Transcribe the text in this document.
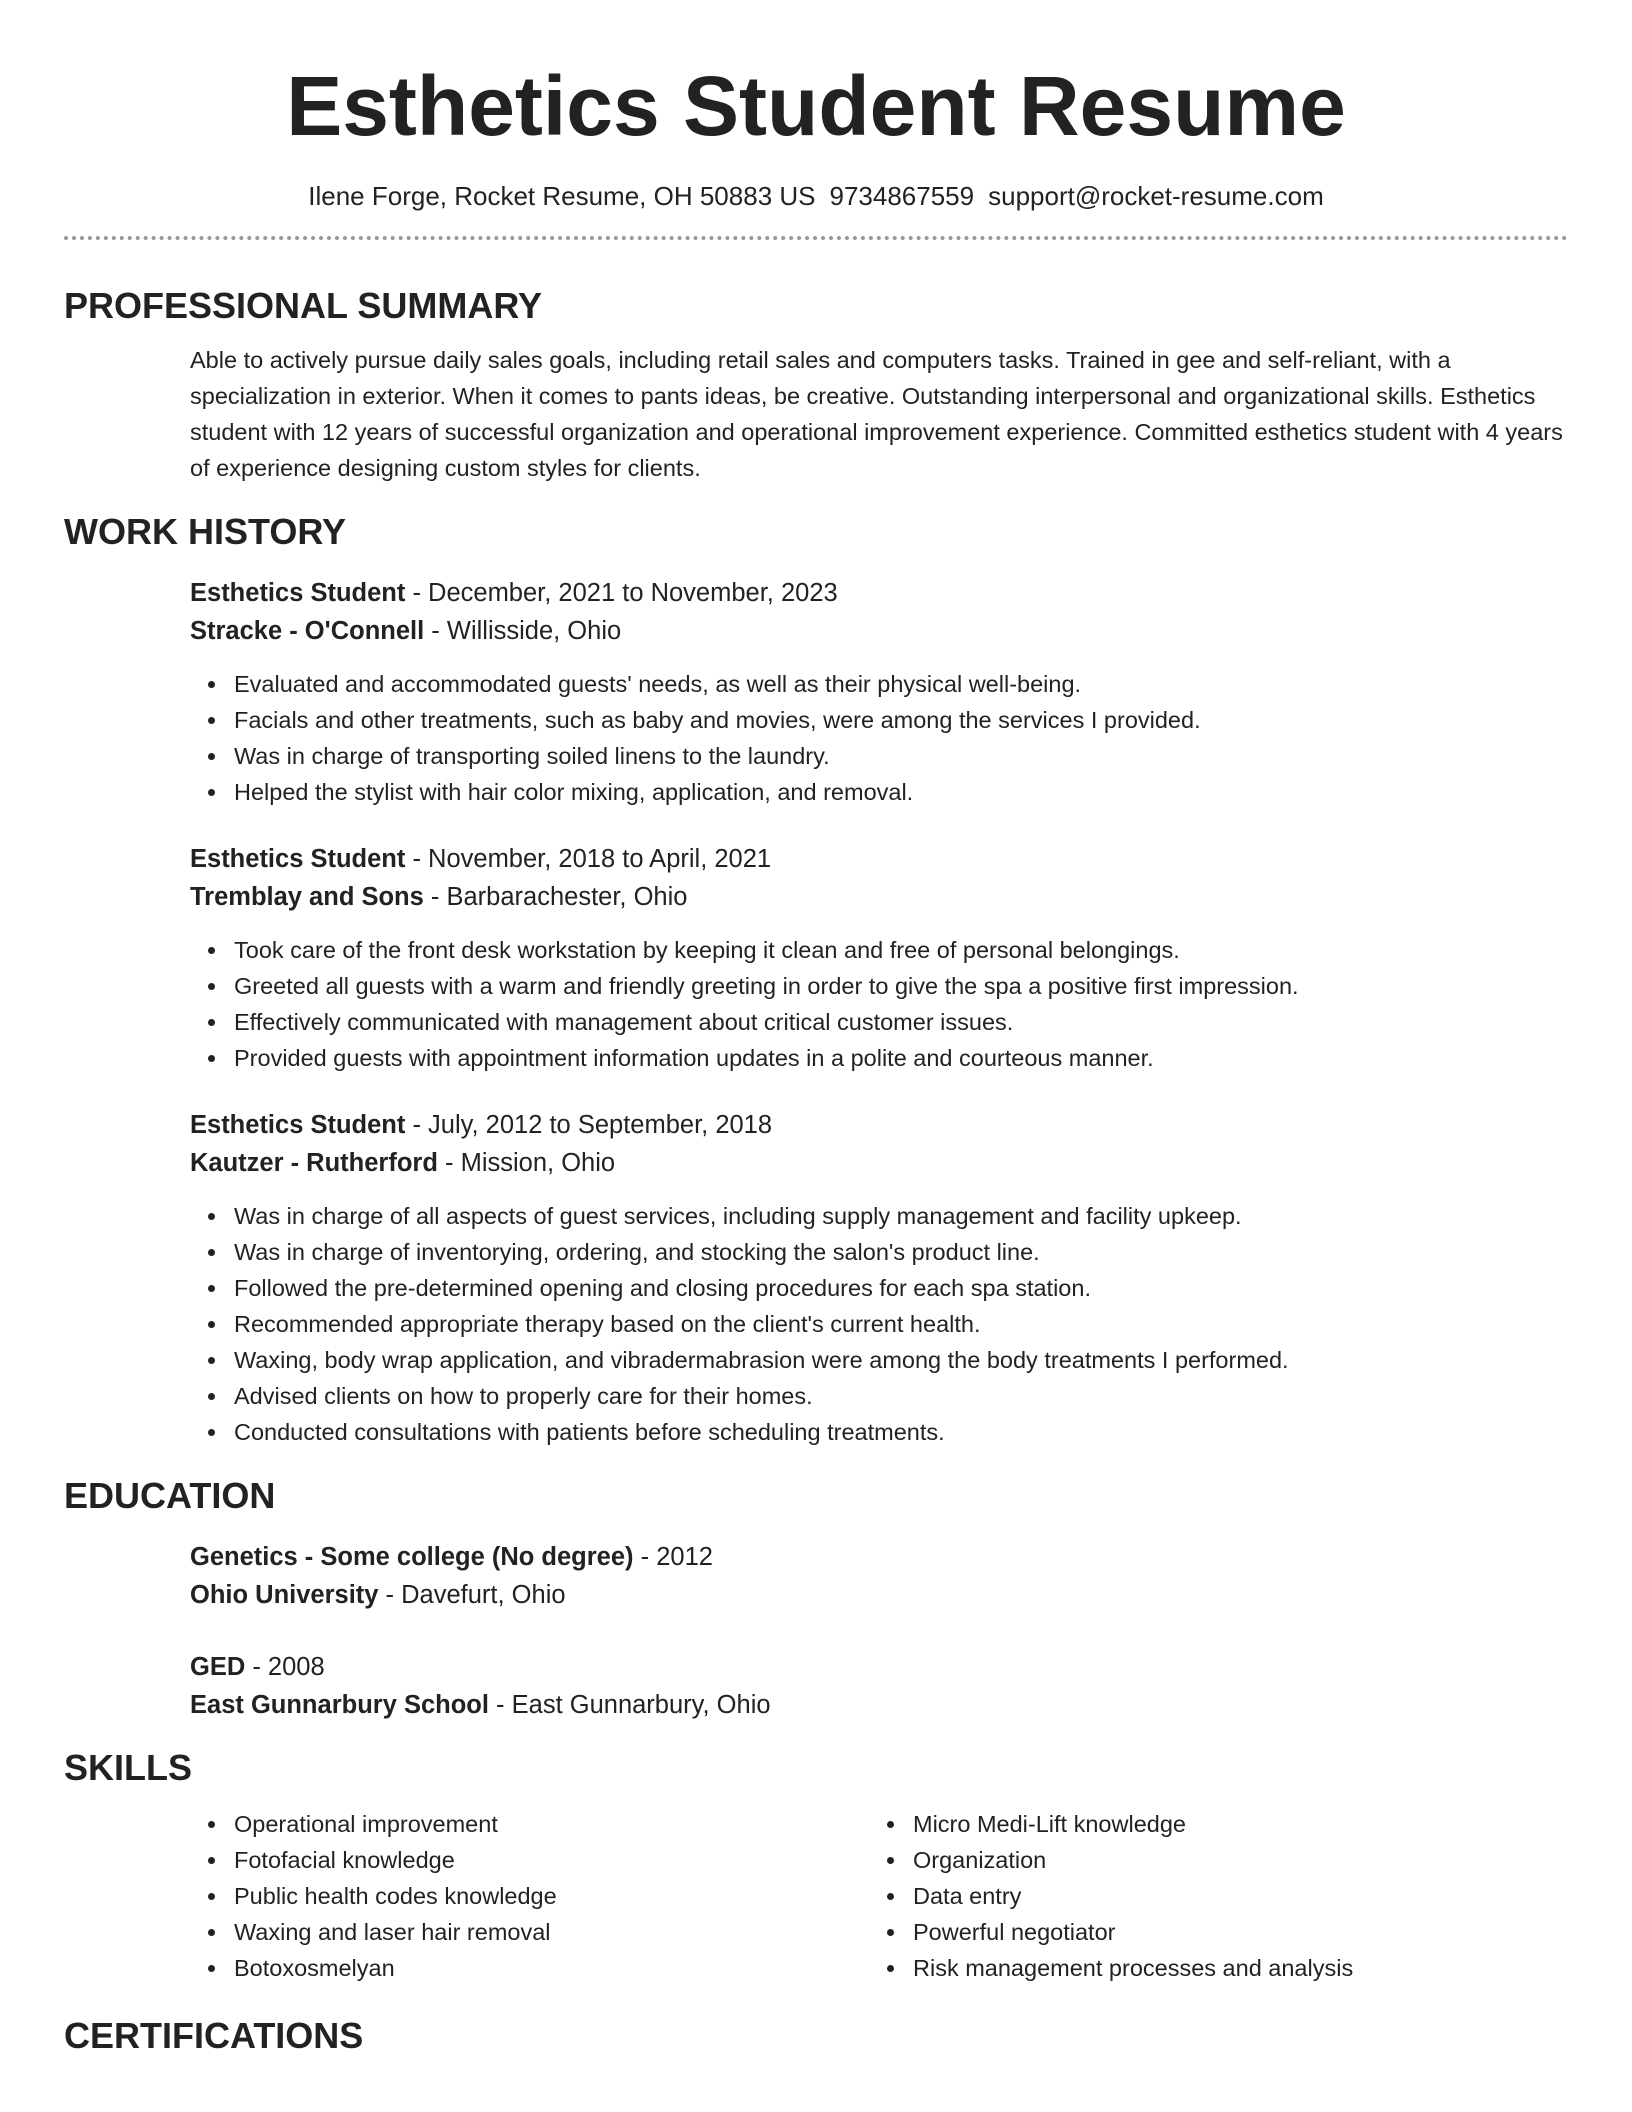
Esthetics Student Resume
Ilene Forge, Rocket Resume, OH 50883 US 9734867559 support@rocket-resume.com
PROFESSIONAL SUMMARY

Able to actively pursue daily sales goals, including retail sales and computers tasks. Trained in gee and self-reliant, with a specialization in exterior. When it comes to pants ideas, be creative. Outstanding interpersonal and organizational skills. Esthetics student with 12 years of successful organization and operational improvement experience. Committed esthetics student with 4 years of experience designing custom styles for clients.

WORK HISTORY
Esthetics Student - December, 2021 to November, 2023
Stracke - O'Connell - Willisside, Ohio
Evaluated and accommodated guests' needs, as well as their physical well-being.
Facials and other treatments, such as baby and movies, were among the services I provided.
Was in charge of transporting soiled linens to the laundry.
Helped the stylist with hair color mixing, application, and removal.
Esthetics Student - November, 2018 to April, 2021
Tremblay and Sons - Barbarachester, Ohio
Took care of the front desk workstation by keeping it clean and free of personal belongings.
Greeted all guests with a warm and friendly greeting in order to give the spa a positive first impression.
Effectively communicated with management about critical customer issues.
Provided guests with appointment information updates in a polite and courteous manner.
Esthetics Student - July, 2012 to September, 2018
Kautzer - Rutherford - Mission, Ohio
Was in charge of all aspects of guest services, including supply management and facility upkeep.
Was in charge of inventorying, ordering, and stocking the salon's product line.
Followed the pre-determined opening and closing procedures for each spa station.
Recommended appropriate therapy based on the client's current health.
Waxing, body wrap application, and vibradermabrasion were among the body treatments I performed.
Advised clients on how to properly care for their homes.
Conducted consultations with patients before scheduling treatments.
EDUCATION
Genetics - Some college (No degree) - 2012
Ohio University - Davefurt, Ohio
GED - 2008
East Gunnarbury School - East Gunnarbury, Ohio
SKILLS
Operational improvement
Fotofacial knowledge
Public health codes knowledge
Waxing and laser hair removal
Botoxosmelyan
Micro Medi-Lift knowledge
Organization
Data entry
Powerful negotiator
Risk management processes and analysis
CERTIFICATIONS
